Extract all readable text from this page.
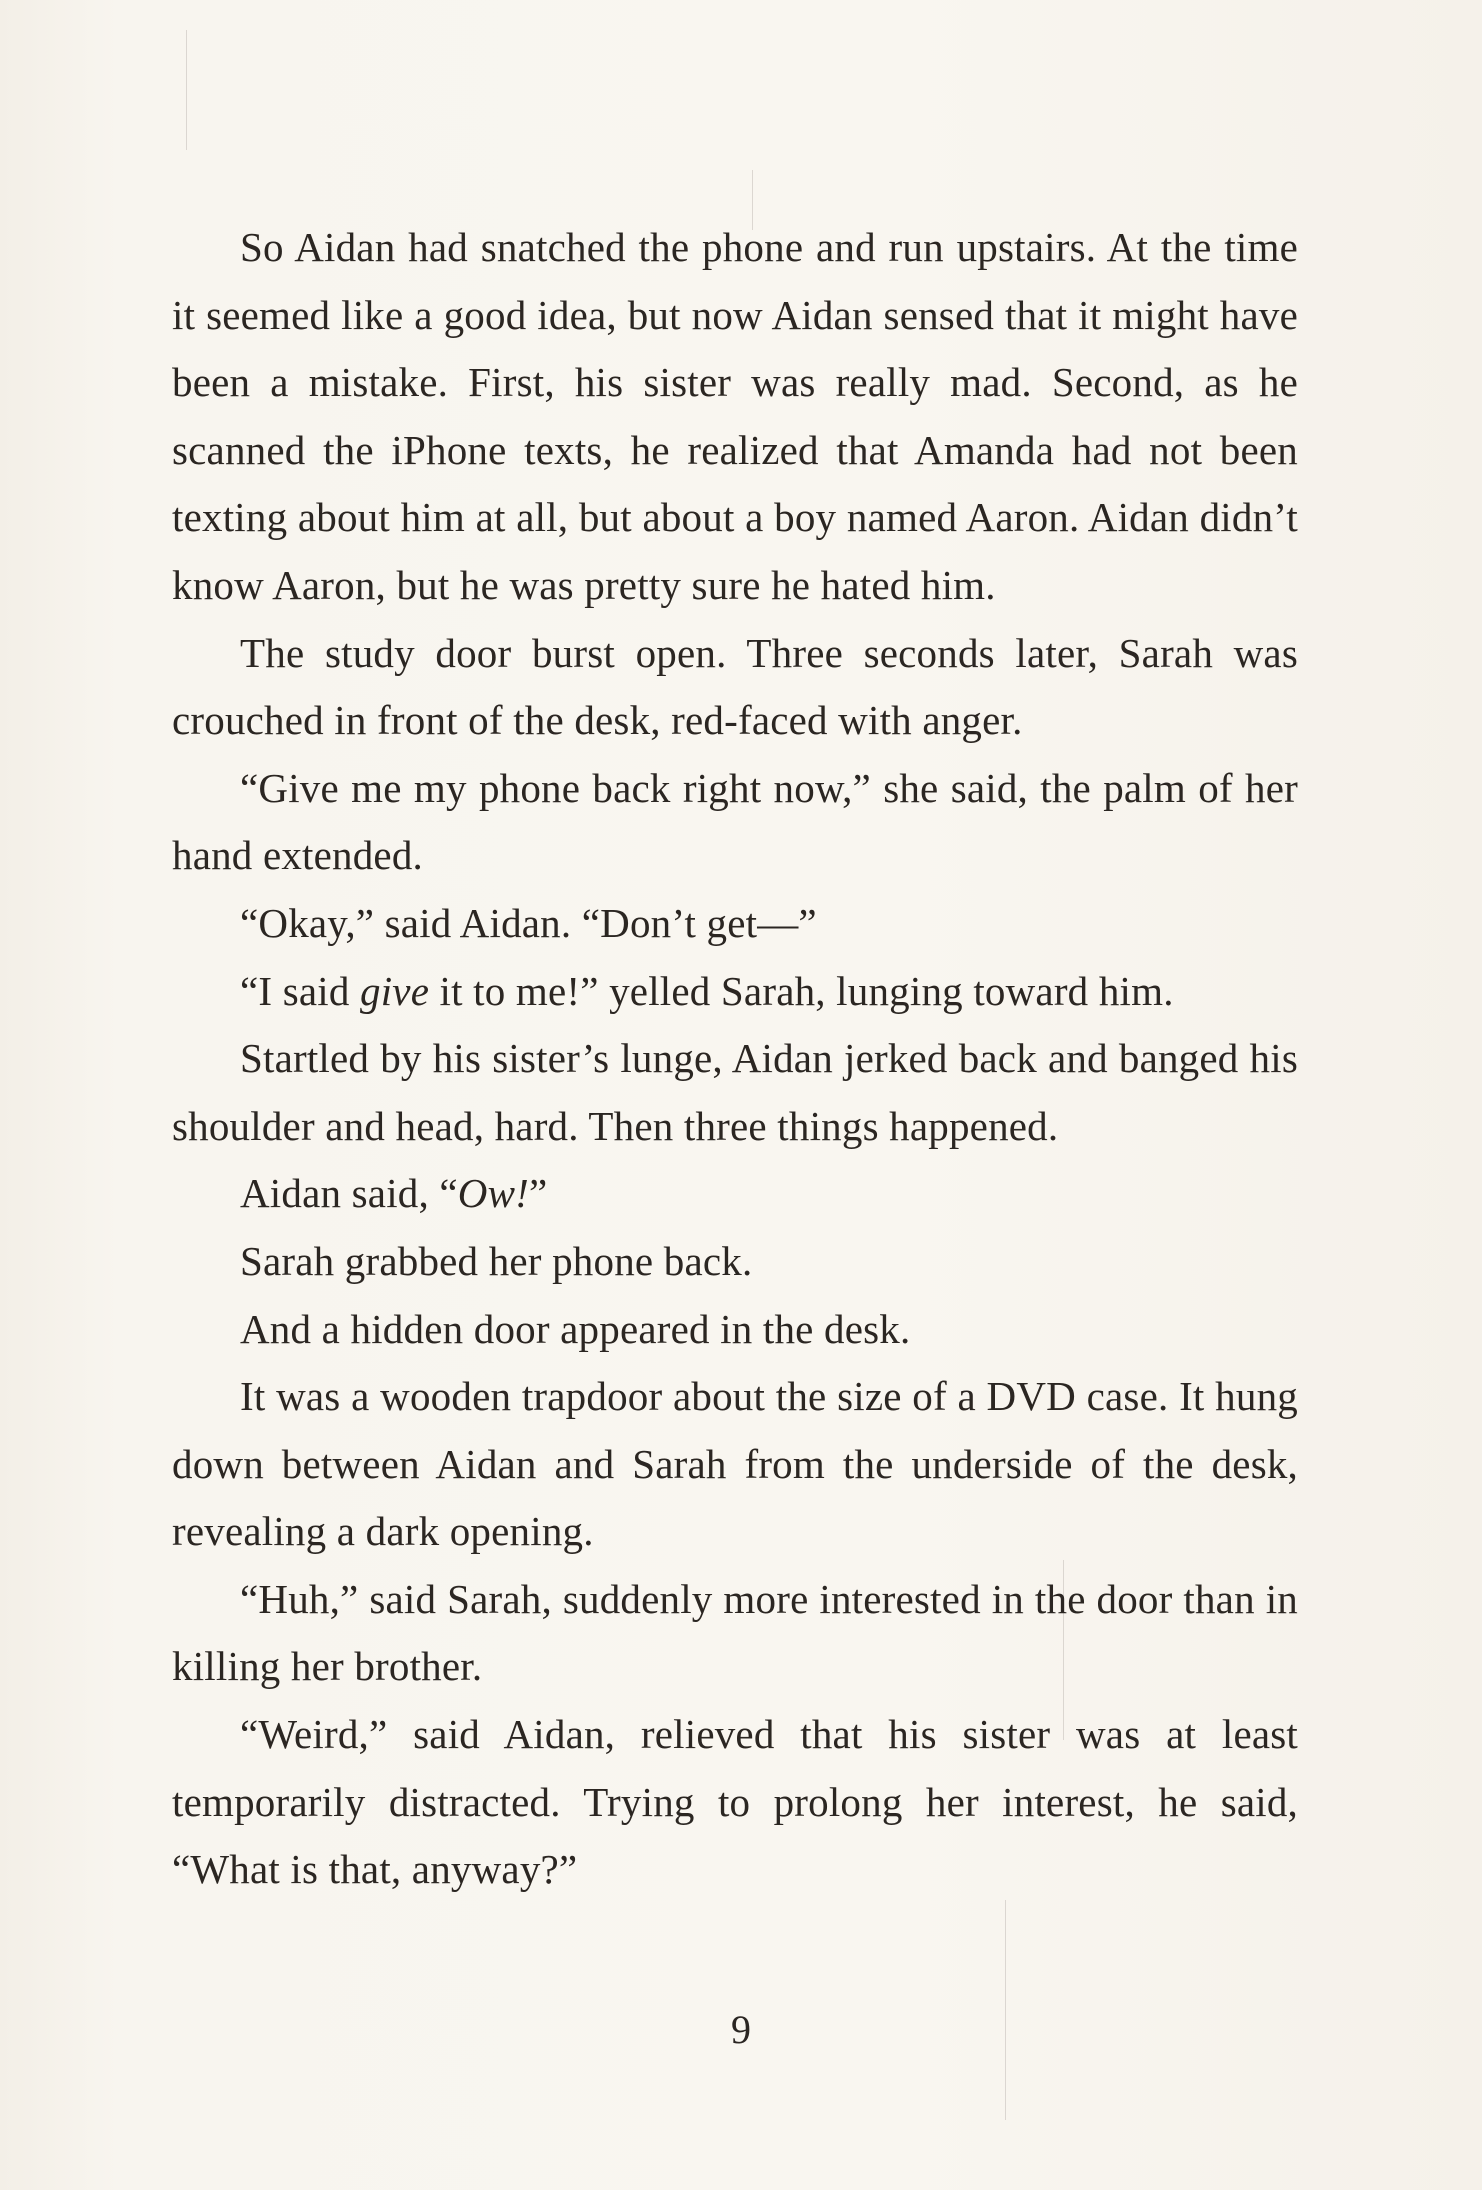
So Aidan had snatched the phone and run upstairs. At the time it seemed like a good idea, but now Aidan sensed that it might have been a mistake. First, his sister was really mad. Second, as he scanned the iPhone texts, he realized that Amanda had not been texting about him at all, but about a boy named Aaron. Aidan didn’t know Aaron, but he was pretty sure he hated him.

The study door burst open. Three seconds later, Sarah was crouched in front of the desk, red-faced with anger.

“Give me my phone back right now,” she said, the palm of her hand extended.

“Okay,” said Aidan. “Don’t get—”

“I said give it to me!” yelled Sarah, lunging toward him.

Startled by his sister’s lunge, Aidan jerked back and banged his shoulder and head, hard. Then three things happened.

Aidan said, “Ow!”

Sarah grabbed her phone back.

And a hidden door appeared in the desk.

It was a wooden trapdoor about the size of a DVD case. It hung down between Aidan and Sarah from the underside of the desk, revealing a dark opening.

“Huh,” said Sarah, suddenly more interested in the door than in killing her brother.

“Weird,” said Aidan, relieved that his sister was at least temporarily distracted. Trying to prolong her interest, he said, “What is that, anyway?”

9
